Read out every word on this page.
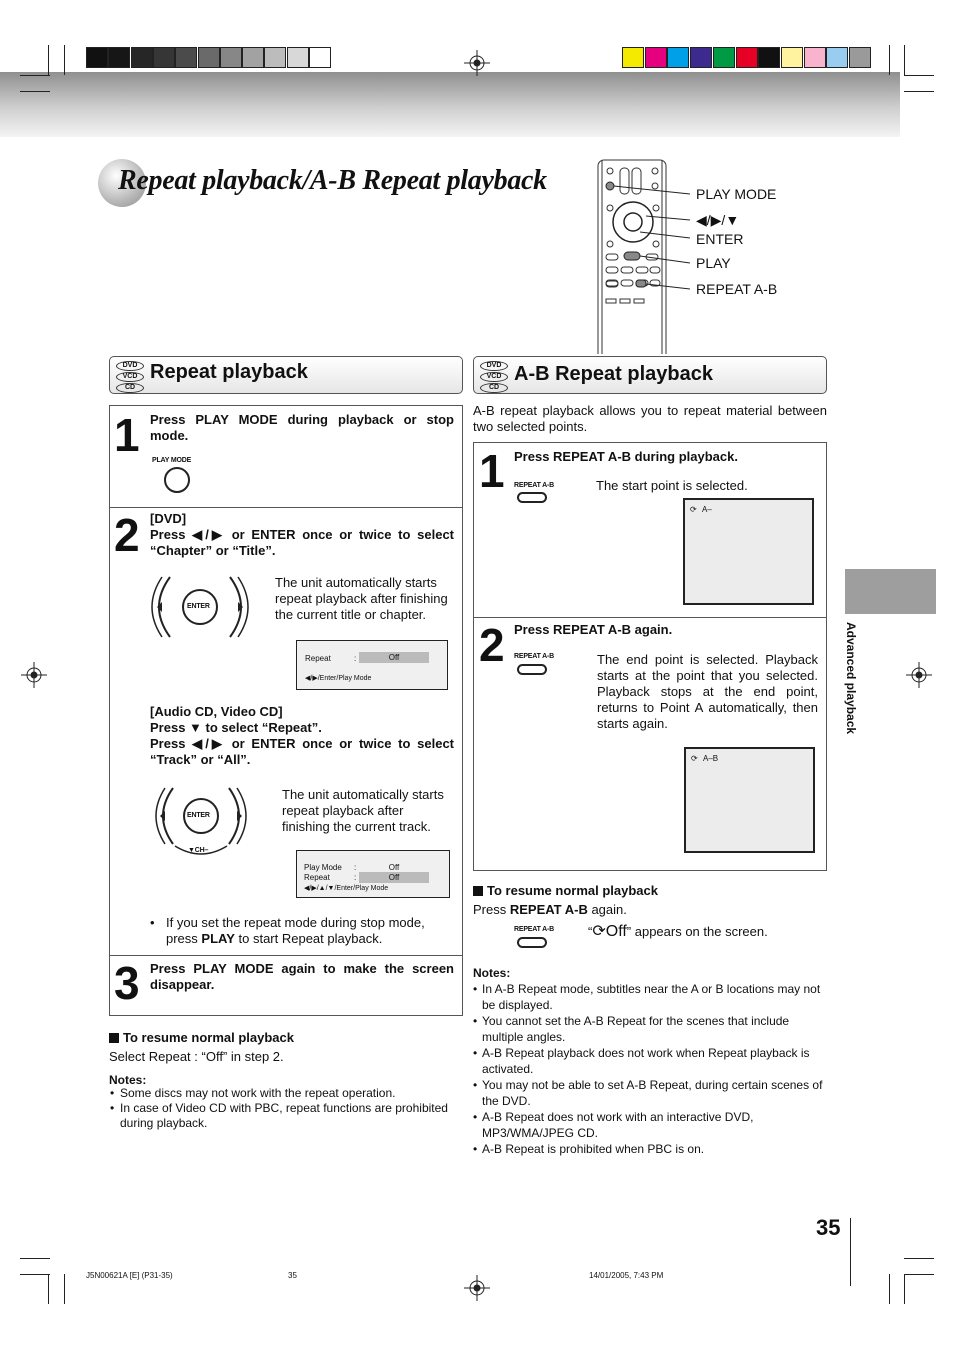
Repeat playback/A-B Repeat playback	PLAY MODE
◀/▶/▼
ENTER
PLAY
REPEAT A-B
DVD
VCD
CD
Repeat playback
1 Press PLAY MODE during playback or stop mode.
PLAY MODE
2 [DVD]
Press ◀/▶ or ENTER once or twice to select “Chapter” or “Title”.
ENTER
The unit automatically starts repeat playback after finishing the current title or chapter.
Repeat	:	Off
◀/▶/Enter/Play Mode
[Audio CD, Video CD]
Press ▼ to select “Repeat”.
Press ◀/▶ or ENTER once or twice to select “Track” or “All”.
ENTER
▼CH–
The unit automatically starts repeat playback after finishing the current track.
Play Mode :	Off
Repeat	:	Off
◀/▶/▲/▼/Enter/Play Mode
• If you set the repeat mode during stop mode, press PLAY to start Repeat playback.
3 Press PLAY MODE again to make the screen disappear.
To resume normal playback
Select Repeat : “Off” in step 2.
Notes:
• Some discs may not work with the repeat operation.
• In case of Video CD with PBC, repeat functions are prohibited during playback.
DVD
VCD
CD
A-B Repeat playback
A-B repeat playback allows you to repeat material between two selected points.
1 Press REPEAT A-B during playback.
REPEAT A-B	The start point is selected.
⟳ A–
2 Press REPEAT A-B again.
REPEAT A-B	The end point is selected. Playback starts at the point that you selected. Playback stops at the end point, returns to Point A automatically, then starts again.
⟳ A–B
To resume normal playback
Press REPEAT A-B again.
REPEAT A-B	“⟳Off” appears on the screen.
Notes:
• In A-B Repeat mode, subtitles near the A or B locations may not be displayed.
• You cannot set the A-B Repeat for the scenes that include multiple angles.
• A-B Repeat playback does not work when Repeat playback is activated.
• You may not be able to set A-B Repeat, during certain scenes of the DVD.
• A-B Repeat does not work with an interactive DVD, MP3/WMA/JPEG CD.
• A-B Repeat is prohibited when PBC is on.
Advanced playback
35
J5N00621A [E] (P31-35)	35	14/01/2005, 7:43 PM
